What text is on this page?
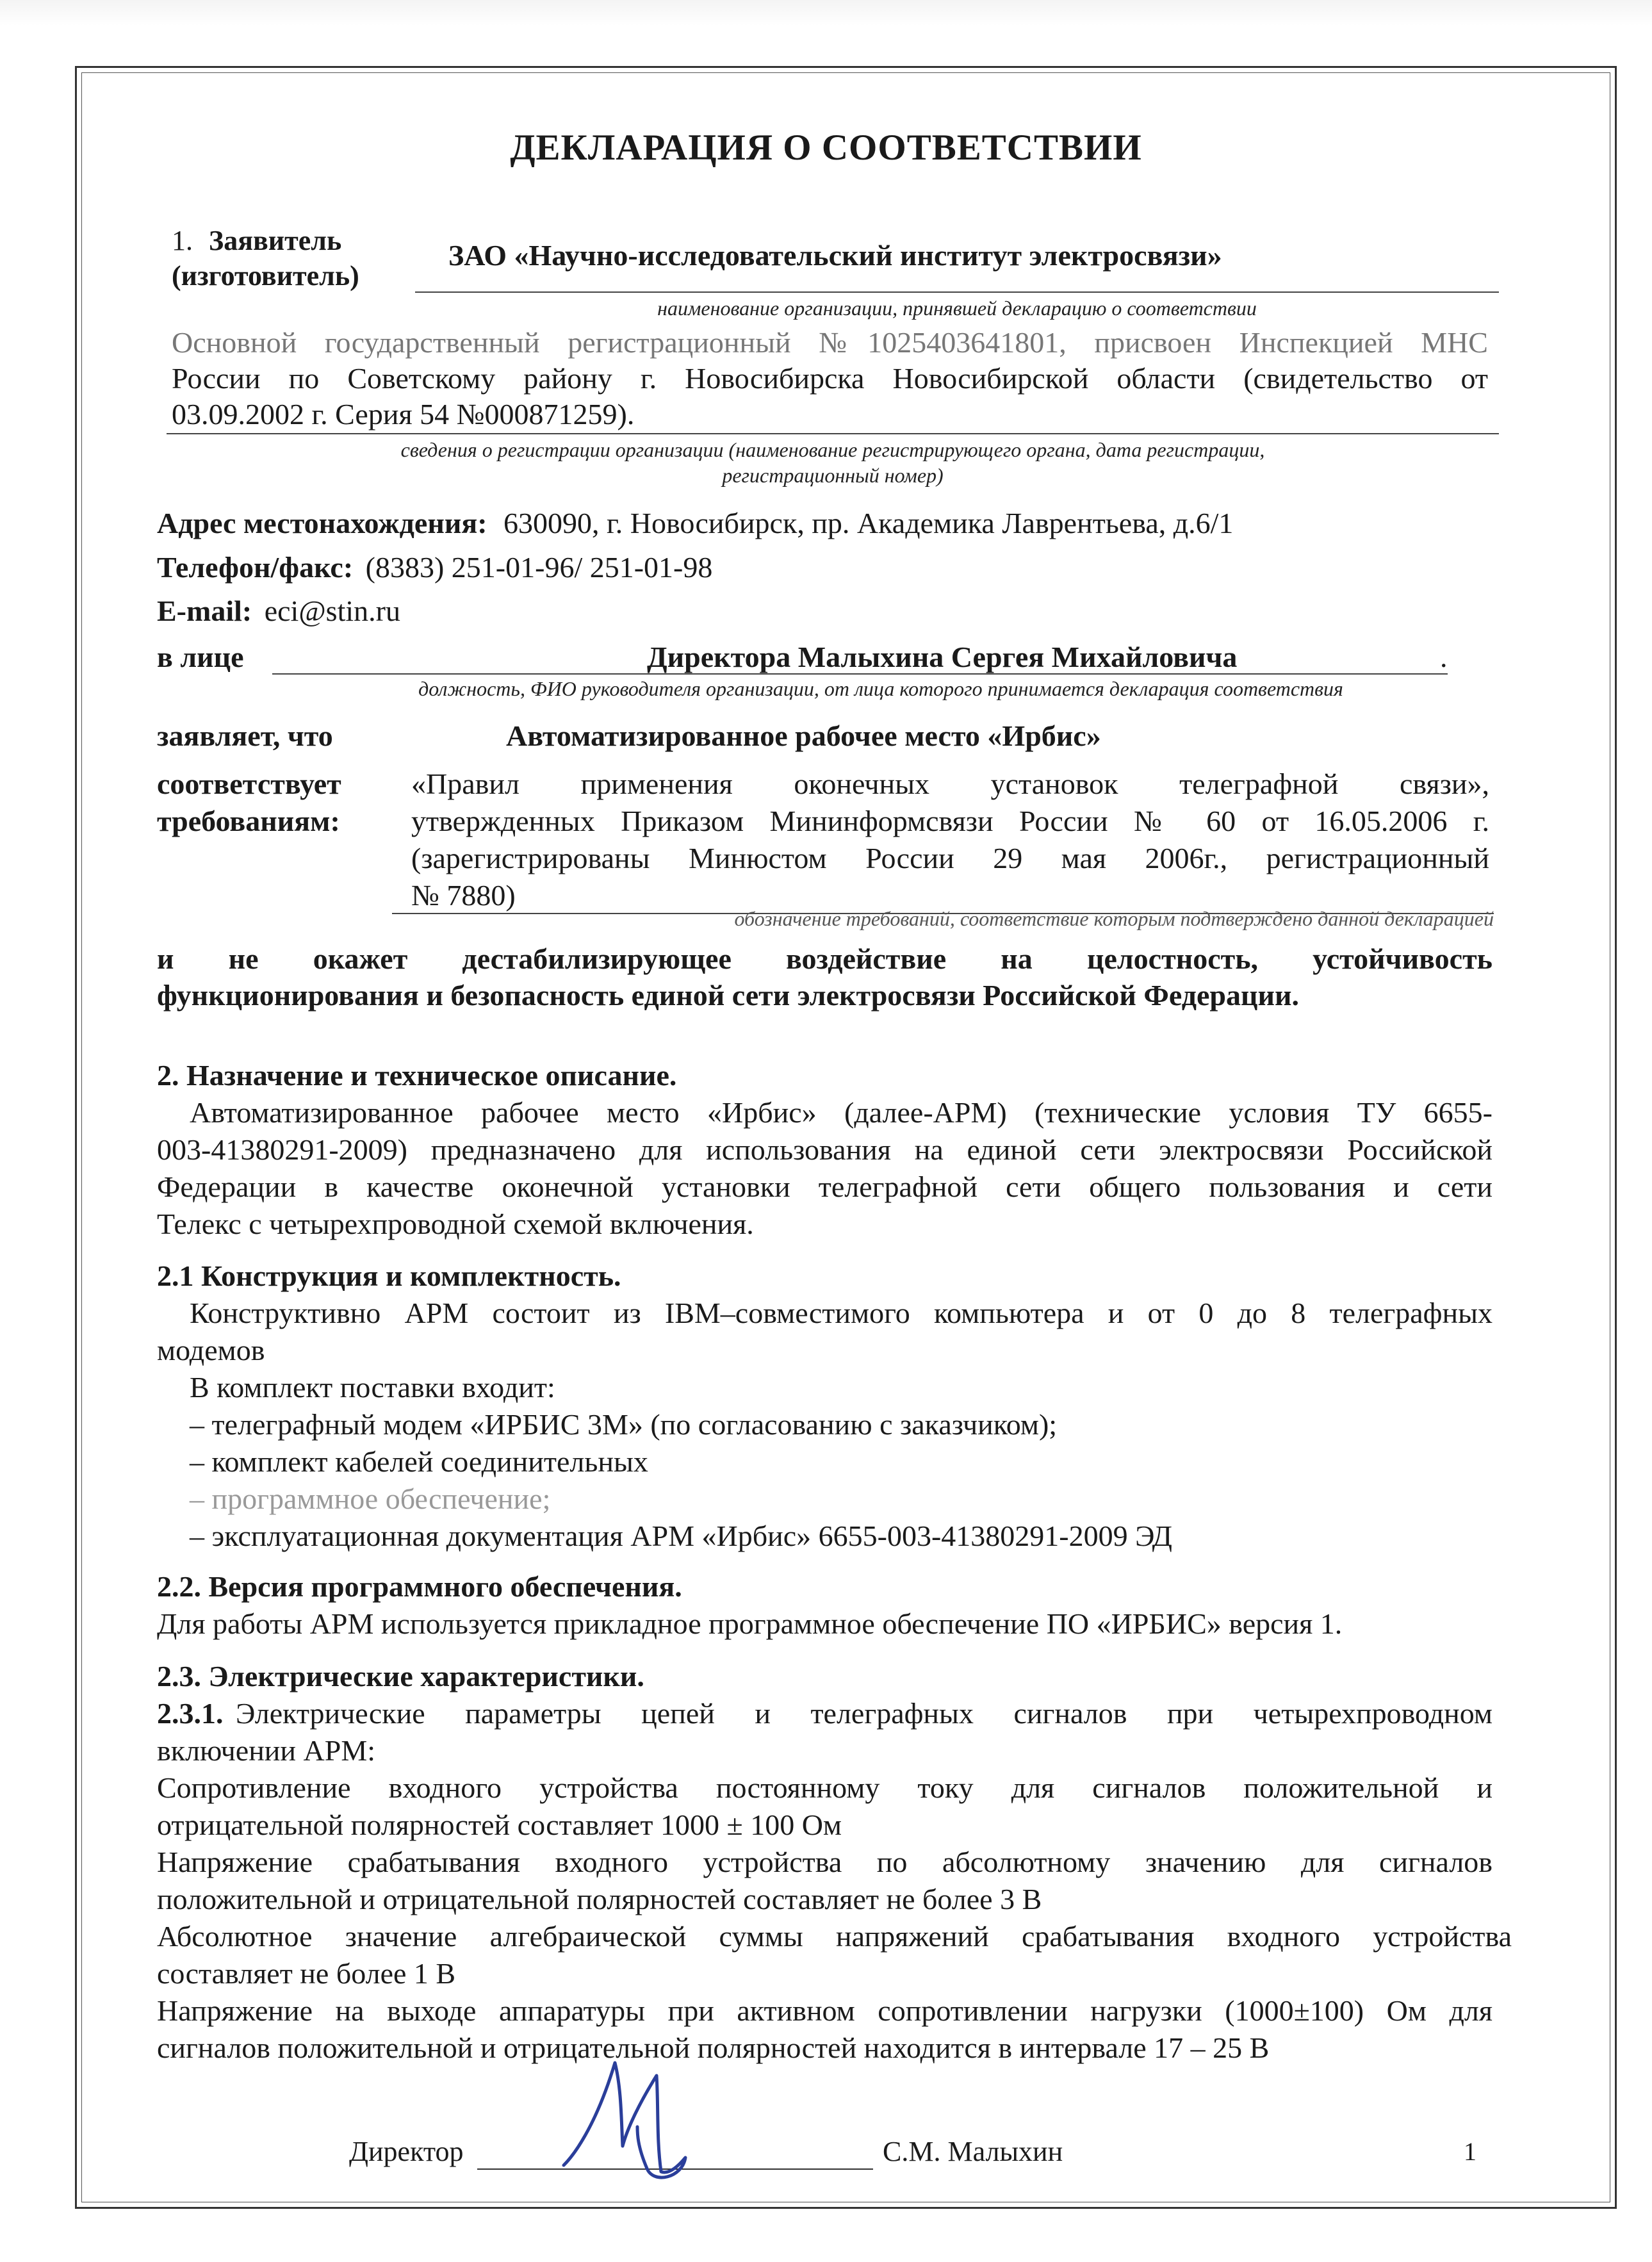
ДЕКЛАРАЦИЯ О СООТВЕТСТВИИ
1. Заявитель
(изготовитель)
ЗАО «Научно-исследовательский институт электросвязи»
наименование организации, принявшей декларацию о соответствии
Основной государственный регистрационный №1025403641801, присвоен Инспекцией МНС
России по Советскому району г. Новосибирска Новосибирской области (свидетельство от
03.09.2002 г. Серия 54 №000871259).
сведения о регистрации организации (наименование регистрирующего органа, дата регистрации,
регистрационный номер)
Адрес местонахождения: 630090, г. Новосибирск, пр. Академика Лаврентьева, д.6/1
Телефон/факс: (8383) 251-01-96/ 251-01-98
E-mail: eci@stin.ru
в лице	Директора Малыхина Сергея Михайловича	.
должность, ФИО руководителя организации, от лица которого принимается декларация соответствия
заявляет, что	Автоматизированное рабочее место «Ирбис»
соответствует
требованиям:
«Правил применения оконечных установок телеграфной связи»,
утвержденных Приказом Мининформсвязи России № 60 от 16.05.2006 г.
(зарегистрированы Минюстом России 29 мая 2006г., регистрационный
№ 7880)
обозначение требований, соответствие которым подтверждено данной декларацией
и не окажет дестабилизирующее воздействие на целостность, устойчивость
функционирования и безопасность единой сети электросвязи Российской Федерации.
2. Назначение и техническое описание.
Автоматизированное рабочее место «Ирбис» (далее-АРМ) (технические условия ТУ 6655-
003-41380291-2009) предназначено для использования на единой сети электросвязи Российской
Федерации в качестве оконечной установки телеграфной сети общего пользования и сети
Телекс с четырехпроводной схемой включения.
2.1 Конструкция и комплектность.
Конструктивно АРМ состоит из IBM–совместимого компьютера и от 0 до 8 телеграфных
модемов
В комплект поставки входит:
– телеграфный модем «ИРБИС 3М» (по согласованию с заказчиком);
– комплект кабелей соединительных
– программное обеспечение;
– эксплуатационная документация АРМ «Ирбис» 6655-003-41380291-2009 ЭД
2.2. Версия программного обеспечения.
Для работы АРМ используется прикладное программное обеспечение ПО «ИРБИС» версия 1.
2.3. Электрические характеристики.
2.3.1. Электрические параметры цепей и телеграфных сигналов при четырехпроводном
включении АРМ:
Сопротивление входного устройства постоянному току для сигналов положительной и
отрицательной полярностей составляет 1000 ± 100 Ом
Напряжение срабатывания входного устройства по абсолютному значению для сигналов
положительной и отрицательной полярностей составляет не более 3 В
Абсолютное значение алгебраической суммы напряжений срабатывания входного устройства
составляет не более 1 В
Напряжение на выходе аппаратуры при активном сопротивлении нагрузки (1000±100) Ом для
сигналов положительной и отрицательной полярностей находится в интервале 17 – 25 В
Директор	С.М. Малыхин	1
